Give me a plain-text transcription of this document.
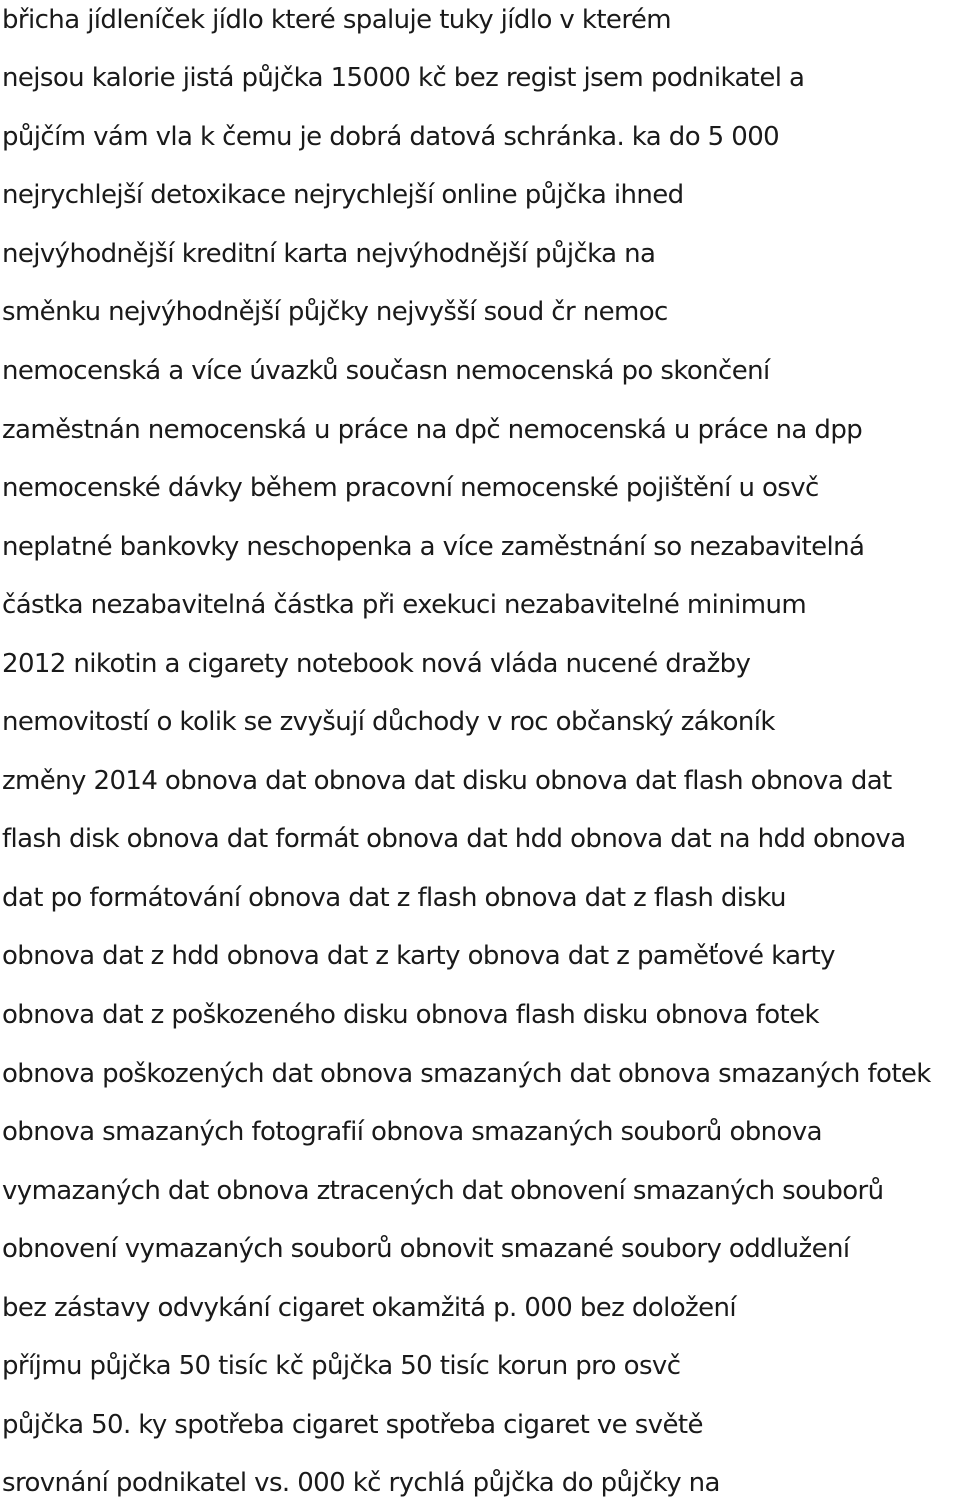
břicha jídleníček jídlo které spaluje tuky jídlo v kterém
nejsou kalorie jistá půjčka 15000 kč bez regist jsem podnikatel a
půjčím vám vla k čemu je dobrá datová schránka. ka do 5 000
nejrychlejší detoxikace nejrychlejší online půjčka ihned
nejvýhodnější kreditní karta nejvýhodnější půjčka na
směnku nejvýhodnější půjčky nejvyšší soud čr nemoc
nemocenská a více úvazků současn nemocenská po skončení
zaměstnán nemocenská u práce na dpč nemocenská u práce na dpp
nemocenské dávky během pracovní nemocenské pojištění u osvč
neplatné bankovky neschopenka a více zaměstnání so nezabavitelná
částka nezabavitelná částka při exekuci nezabavitelné minimum
2012 nikotin a cigarety notebook nová vláda nucené dražby
nemovitostí o kolik se zvyšují důchody v roc občanský zákoník
změny 2014 obnova dat obnova dat disku obnova dat flash obnova dat
flash disk obnova dat formát obnova dat hdd obnova dat na hdd obnova
dat po formátování obnova dat z flash obnova dat z flash disku
obnova dat z hdd obnova dat z karty obnova dat z paměťové karty
obnova dat z poškozeného disku obnova flash disku obnova fotek
obnova poškozených dat obnova smazaných dat obnova smazaných fotek
obnova smazaných fotografií obnova smazaných souborů obnova
vymazaných dat obnova ztracených dat obnovení smazaných souborů
obnovení vymazaných souborů obnovit smazané soubory oddlužení
bez zástavy odvykání cigaret okamžitá p. 000 bez doložení
příjmu půjčka 50 tisíc kč půjčka 50 tisíc korun pro osvč
půjčka 50. ky spotřeba cigaret spotřeba cigaret ve světě
srovnání podnikatel vs. 000 kč rychlá půjčka do půjčky na
